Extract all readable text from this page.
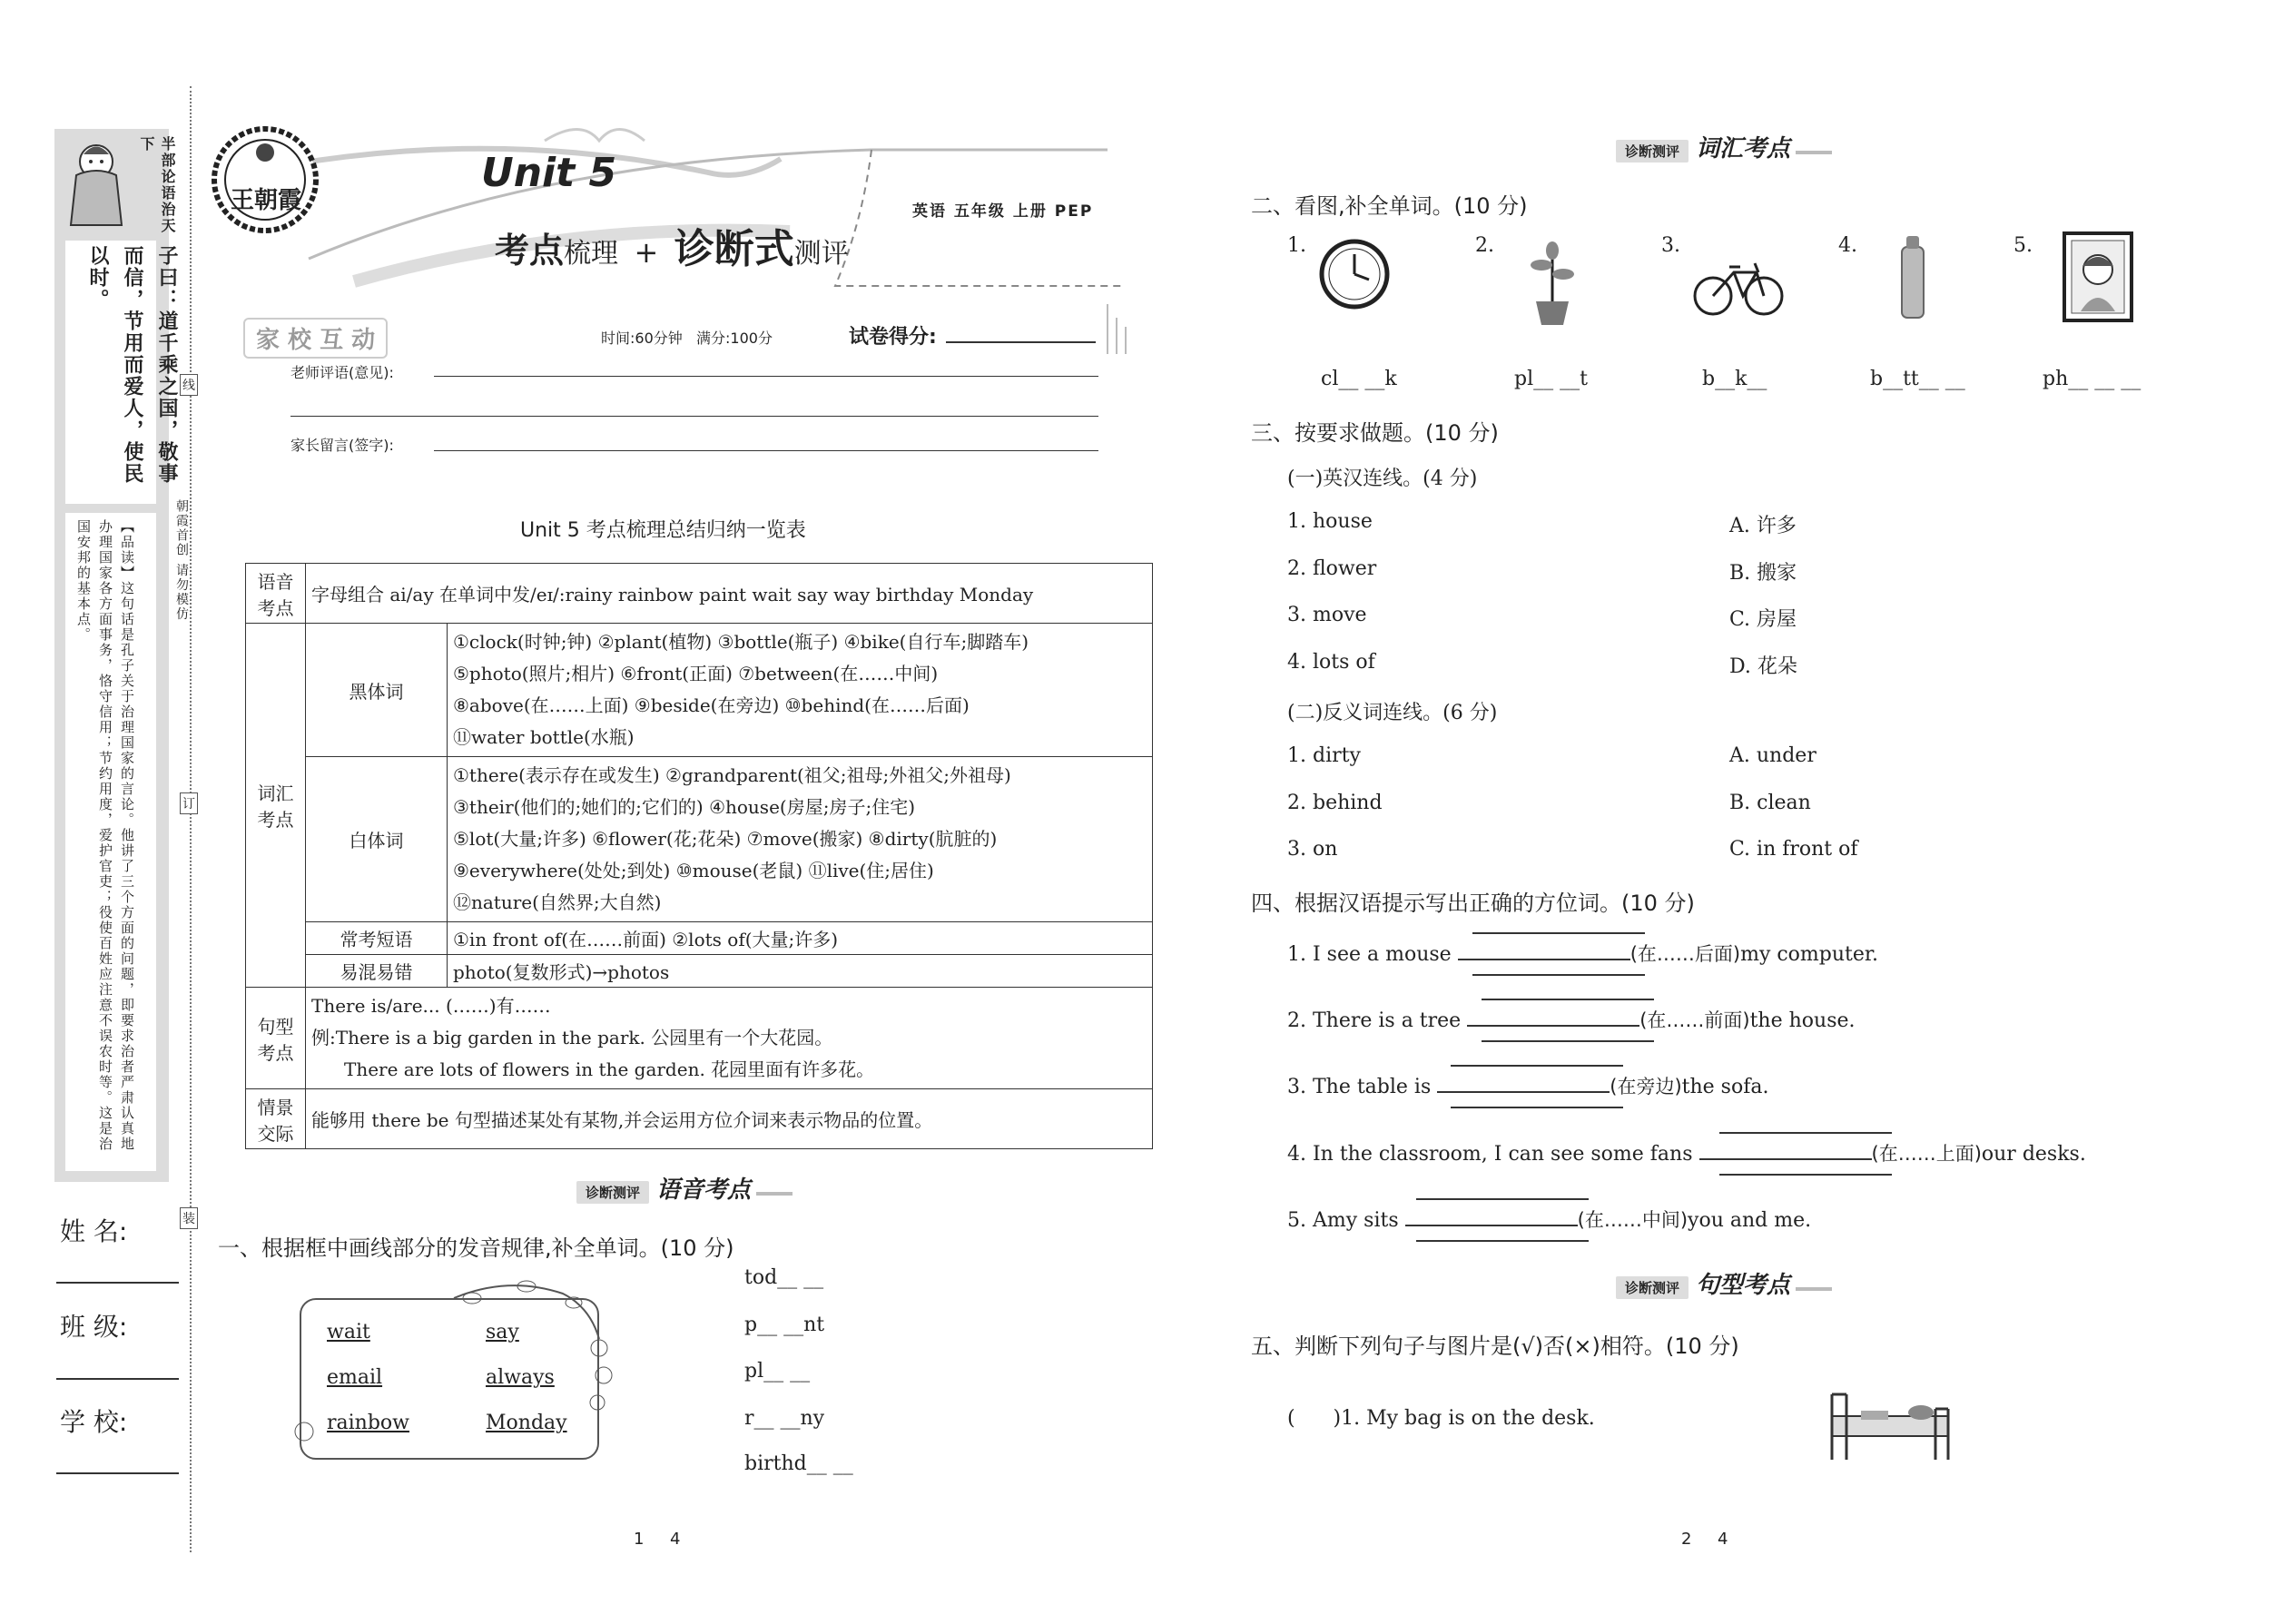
半部论语治天下
子曰：道千乘之国，敬事而信，节用而爱人，使民以时。
【品读】这句话是孔子关于治理国家的言论。他讲了三个方面的问题，即要求治者严肃认真地办理国家各方面事务，恪守信用；节约用度，爱护官吏；役使百姓应注意不误农时等。这是治国安邦的基本点。
姓 名:
班 级:
学 校:
线
订
装
朝霞首创 请勿模仿
王朝霞
Unit 5
考点梳理 + 诊断式测评
英语 五年级 上册 PEP
家 校 互 动	时间:60分钟 满分:100分	试卷得分:
老师评语(意见):
家长留言(签字):
Unit 5 考点梳理总结归纳一览表
语音考点	字母组合 ai/ay 在单词中发/eɪ/:rainy rainbow paint wait say way birthday Monday	
词汇考点	黑体词	①clock(时钟;钟) ②plant(植物) ③bottle(瓶子) ④bike(自行车;脚踏车)
⑤photo(照片;相片) ⑥front(正面) ⑦between(在……中间)
⑧above(在……上面) ⑨beside(在旁边) ⑩behind(在……后面)
⑪water bottle(水瓶)

	白体词	①there(表示存在或发生) ②grandparent(祖父;祖母;外祖父;外祖母)
③their(他们的;她们的;它们的) ④house(房屋;房子;住宅)
⑤lot(大量;许多) ⑥flower(花;花朵) ⑦move(搬家) ⑧dirty(肮脏的)
⑨everywhere(处处;到处) ⑩mouse(老鼠) ⑪live(住;居住)
⑫nature(自然界;大自然)

	常考短语	①in front of(在……前面) ②lots of(大量;许多)
	易混易错	photo(复数形式)→photos
句型考点	There is/are... (……)有……
例:There is a big garden in the park. 公园里有一个大花园。
There are lots of flowers in the garden. 花园里面有许多花。	

情景交际	能够用 there be 句型描述某处有某物,并会运用方位介词来表示物品的位置。	
诊断测评 语音考点
一、根据框中画线部分的发音规律,补全单词。(10 分)
wait	say
email	always
rainbow	Monday
tod__ __
p__ __nt
pl__ __
r__ __ny
birthd__ __
1     4
诊断测评 词汇考点
二、看图,补全单词。(10 分)
1.
cl__ __k
2.
pl__ __t
3.
b__k__
4.
b__tt__ __
5.
ph__ __ __
三、按要求做题。(10 分)
(一)英汉连线。(4 分)
1. house	A. 许多
2. flower	B. 搬家
3. move	C. 房屋
4. lots of	D. 花朵
(二)反义词连线。(6 分)
1. dirty	A. under
2. behind	B. clean
3. on	C. in front of
四、根据汉语提示写出正确的方位词。(10 分)
1. I see a mouse	(在……后面)my computer.
2. There is a tree	(在……前面)the house.
3. The table is	(在旁边)the sofa.
4. In the classroom, I can see some fans	(在……上面)our desks.
5. Amy sits	(在……中间)you and me.
诊断测评 句型考点
五、判断下列句子与图片是(√)否(×)相符。(10 分)
(      )1. My bag is on the desk.
2     4
